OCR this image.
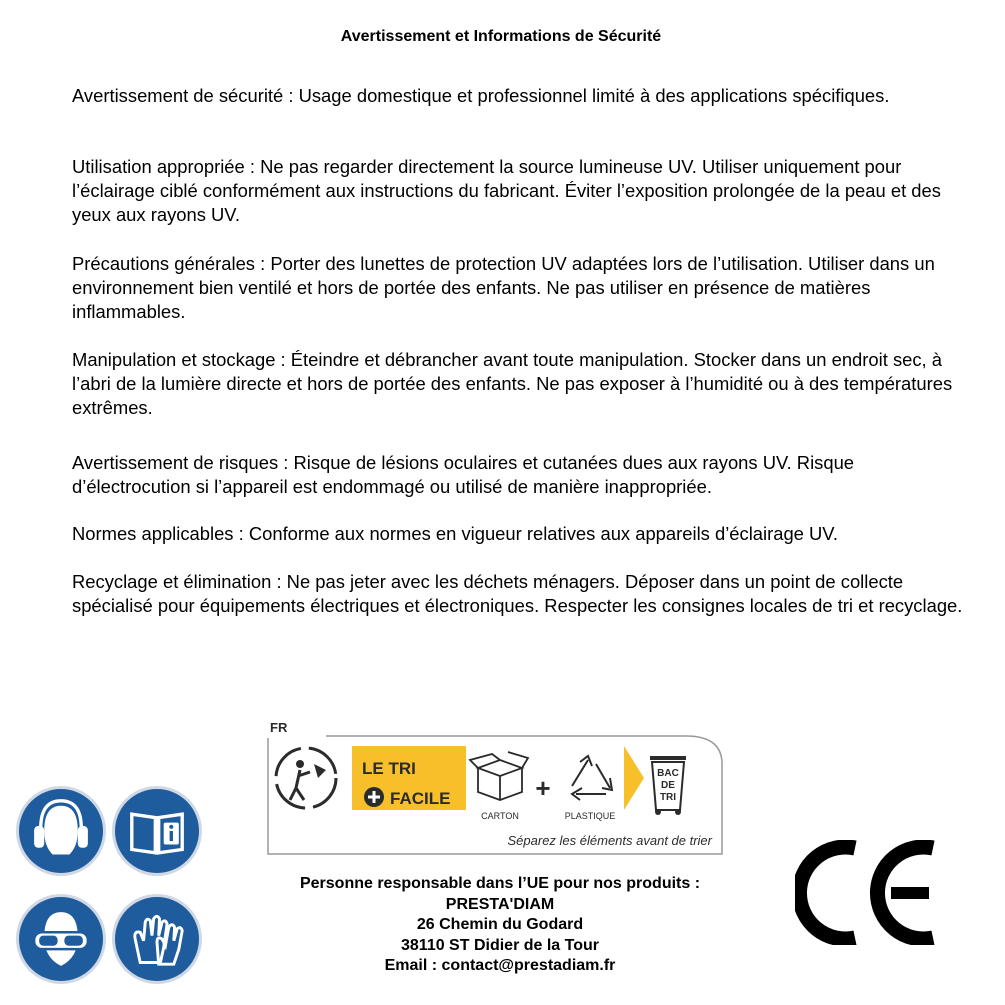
Avertissement et Informations de Sécurité

Avertissement de sécurité : Usage domestique et professionnel limité à des applications spécifiques.

Utilisation appropriée : Ne pas regarder directement la source lumineuse UV. Utiliser uniquement pour l’éclairage ciblé conformément aux instructions du fabricant. Éviter l’exposition prolongée de la peau et des yeux aux rayons UV.

Précautions générales : Porter des lunettes de protection UV adaptées lors de l’utilisation. Utiliser dans un environnement bien ventilé et hors de portée des enfants. Ne pas utiliser en présence de matières inflammables.

Manipulation et stockage : Éteindre et débrancher avant toute manipulation. Stocker dans un endroit sec, à l’abri de la lumière directe et hors de portée des enfants. Ne pas exposer à l’humidité ou à des températures extrêmes.

Avertissement de risques : Risque de lésions oculaires et cutanées dues aux rayons UV. Risque d’électrocution si l’appareil est endommagé ou utilisé de manière inappropriée.

Normes applicables : Conforme aux normes en vigueur relatives aux appareils d’éclairage UV.

Recyclage et élimination : Ne pas jeter avec les déchets ménagers. Déposer dans un point de collecte spécialisé pour équipements électriques et électroniques. Respecter les consignes locales de tri et recyclage.

FR
LE TRI
FACILE
CARTON
+
PLASTIQUE
BAC
DE
TRI
Séparez les éléments avant de trier
Personne responsable dans l’UE pour nos produits :
PRESTA'DIAM
26 Chemin du Godard
38110 ST Didier de la Tour
Email : contact@prestadiam.fr
